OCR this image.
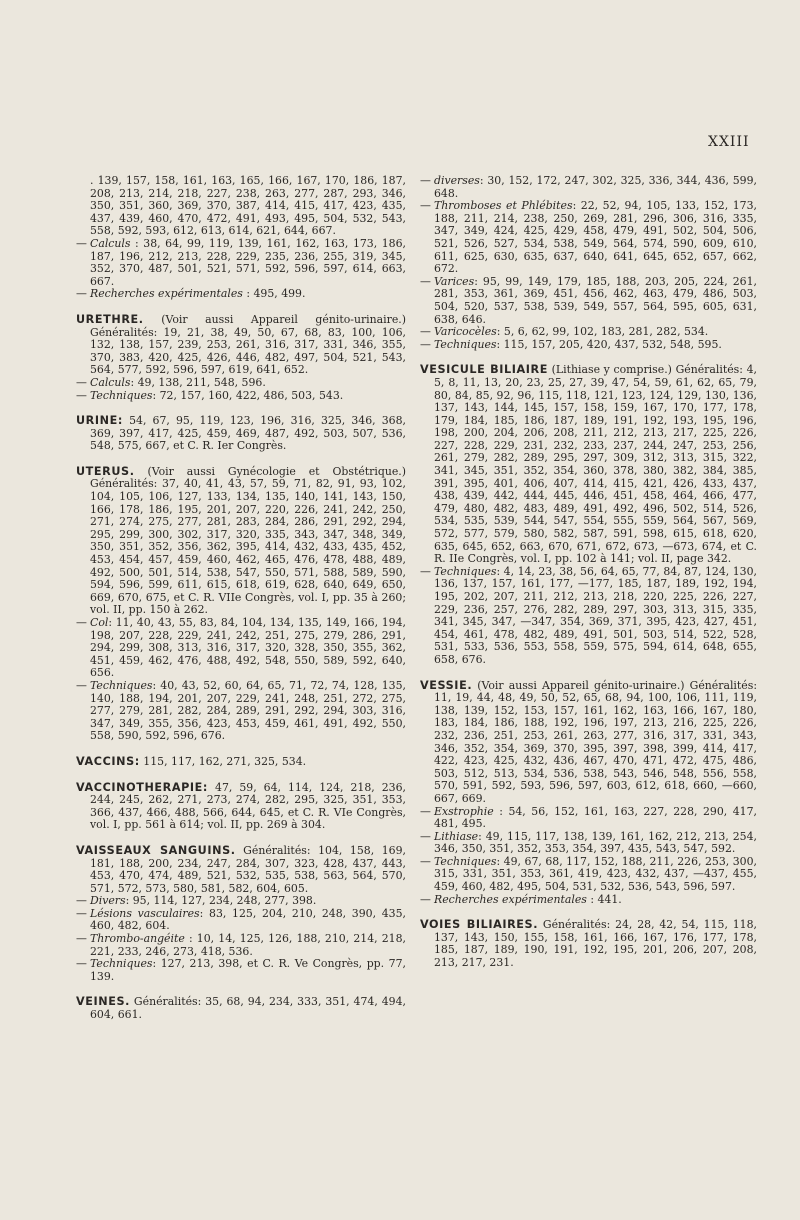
XXIII

. 139, 157, 158, 161, 163, 165, 166, 167, 170, 186, 187, 208, 213, 214, 218, 227, 238, 263, 277, 287, 293, 346, 350, 351, 360, 369, 370, 387, 414, 415, 417, 423, 435, 437, 439, 460, 470, 472, 491, 493, 495, 504, 532, 543, 558, 592, 593, 612, 613, 614, 621, 644, 667.

— Calculs : 38, 64, 99, 119, 139, 161, 162, 163, 173, 186, 187, 196, 212, 213, 228, 229, 235, 236, 255, 319, 345, 352, 370, 487, 501, 521, 571, 592, 596, 597, 614, 663, 667.

— Recherches expérimentales : 495, 499.

URETHRE. (Voir aussi Appareil génito-urinaire.) Généralités: 19, 21, 38, 49, 50, 67, 68, 83, 100, 106, 132, 138, 157, 239, 253, 261, 316, 317, 331, 346, 355, 370, 383, 420, 425, 426, 446, 482, 497, 504, 521, 543, 564, 577, 592, 596, 597, 619, 641, 652.

— Calculs: 49, 138, 211, 548, 596.

— Techniques: 72, 157, 160, 422, 486, 503, 543.

URINE: 54, 67, 95, 119, 123, 196, 316, 325, 346, 368, 369, 397, 417, 425, 459, 469, 487, 492, 503, 507, 536, 548, 575, 667, et C. R. Ier Congrès.

UTERUS. (Voir aussi Gynécologie et Obstétrique.) Généralités: 37, 40, 41, 43, 57, 59, 71, 82, 91, 93, 102, 104, 105, 106, 127, 133, 134, 135, 140, 141, 143, 150, 166, 178, 186, 195, 201, 207, 220, 226, 241, 242, 250, 271, 274, 275, 277, 281, 283, 284, 286, 291, 292, 294, 295, 299, 300, 302, 317, 320, 335, 343, 347, 348, 349, 350, 351, 352, 356, 362, 395, 414, 432, 433, 435, 452, 453, 454, 457, 459, 460, 462, 465, 476, 478, 488, 489, 492, 500, 501, 514, 538, 547, 550, 571, 588, 589, 590, 594, 596, 599, 611, 615, 618, 619, 628, 640, 649, 650, 669, 670, 675, et C. R. VIIe Congrès, vol. I, pp. 35 à 260; vol. II, pp. 150 à 262.

— Col: 11, 40, 43, 55, 83, 84, 104, 134, 135, 149, 166, 194, 198, 207, 228, 229, 241, 242, 251, 275, 279, 286, 291, 294, 299, 308, 313, 316, 317, 320, 328, 350, 355, 362, 451, 459, 462, 476, 488, 492, 548, 550, 589, 592, 640, 656.

— Techniques: 40, 43, 52, 60, 64, 65, 71, 72, 74, 128, 135, 140, 188, 194, 201, 207, 229, 241, 248, 251, 272, 275, 277, 279, 281, 282, 284, 289, 291, 292, 294, 303, 316, 347, 349, 355, 356, 423, 453, 459, 461, 491, 492, 550, 558, 590, 592, 596, 676.

VACCINS: 115, 117, 162, 271, 325, 534.

VACCINOTHERAPIE: 47, 59, 64, 114, 124, 218, 236, 244, 245, 262, 271, 273, 274, 282, 295, 325, 351, 353, 366, 437, 466, 488, 566, 644, 645, et C. R. VIe Congrès, vol. I, pp. 561 à 614; vol. II, pp. 269 à 304.

VAISSEAUX SANGUINS. Généralités: 104, 158, 169, 181, 188, 200, 234, 247, 284, 307, 323, 428, 437, 443, 453, 470, 474, 489, 521, 532, 535, 538, 563, 564, 570, 571, 572, 573, 580, 581, 582, 604, 605.

— Divers: 95, 114, 127, 234, 248, 277, 398.

— Lésions vasculaires: 83, 125, 204, 210, 248, 390, 435, 460, 482, 604.

— Thrombo-angéite : 10, 14, 125, 126, 188, 210, 214, 218, 221, 233, 246, 273, 418, 536.

— Techniques: 127, 213, 398, et C. R. Ve Congrès, pp. 77, 139.

VEINES. Généralités: 35, 68, 94, 234, 333, 351, 474, 494, 604, 661.

— diverses: 30, 152, 172, 247, 302, 325, 336, 344, 436, 599, 648.

— Thromboses et Phlébites: 22, 52, 94, 105, 133, 152, 173, 188, 211, 214, 238, 250, 269, 281, 296, 306, 316, 335, 347, 349, 424, 425, 429, 458, 479, 491, 502, 504, 506, 521, 526, 527, 534, 538, 549, 564, 574, 590, 609, 610, 611, 625, 630, 635, 637, 640, 641, 645, 652, 657, 662, 672.

— Varices: 95, 99, 149, 179, 185, 188, 203, 205, 224, 261, 281, 353, 361, 369, 451, 456, 462, 463, 479, 486, 503, 504, 520, 537, 538, 539, 549, 557, 564, 595, 605, 631, 638, 646.

— Varicocèles: 5, 6, 62, 99, 102, 183, 281, 282, 534.

— Techniques: 115, 157, 205, 420, 437, 532, 548, 595.

VESICULE BILIAIRE (Lithiase y comprise.) Généralités: 4, 5, 8, 11, 13, 20, 23, 25, 27, 39, 47, 54, 59, 61, 62, 65, 79, 80, 84, 85, 92, 96, 115, 118, 121, 123, 124, 129, 130, 136, 137, 143, 144, 145, 157, 158, 159, 167, 170, 177, 178, 179, 184, 185, 186, 187, 189, 191, 192, 193, 195, 196, 198, 200, 204, 206, 208, 211, 212, 213, 217, 225, 226, 227, 228, 229, 231, 232, 233, 237, 244, 247, 253, 256, 261, 279, 282, 289, 295, 297, 309, 312, 313, 315, 322, 341, 345, 351, 352, 354, 360, 378, 380, 382, 384, 385, 391, 395, 401, 406, 407, 414, 415, 421, 426, 433, 437, 438, 439, 442, 444, 445, 446, 451, 458, 464, 466, 477, 479, 480, 482, 483, 489, 491, 492, 496, 502, 514, 526, 534, 535, 539, 544, 547, 554, 555, 559, 564, 567, 569, 572, 577, 579, 580, 582, 587, 591, 598, 615, 618, 620, 635, 645, 652, 663, 670, 671, 672, 673, —673, 674, et C. R. IIe Congrès, vol. I, pp. 102 à 141; vol. II, page 342.

— Techniques: 4, 14, 23, 38, 56, 64, 65, 77, 84, 87, 124, 130, 136, 137, 157, 161, 177, —177, 185, 187, 189, 192, 194, 195, 202, 207, 211, 212, 213, 218, 220, 225, 226, 227, 229, 236, 257, 276, 282, 289, 297, 303, 313, 315, 335, 341, 345, 347, —347, 354, 369, 371, 395, 423, 427, 451, 454, 461, 478, 482, 489, 491, 501, 503, 514, 522, 528, 531, 533, 536, 553, 558, 559, 575, 594, 614, 648, 655, 658, 676.

VESSIE. (Voir aussi Appareil génito-urinaire.) Généralités: 11, 19, 44, 48, 49, 50, 52, 65, 68, 94, 100, 106, 111, 119, 138, 139, 152, 153, 157, 161, 162, 163, 166, 167, 180, 183, 184, 186, 188, 192, 196, 197, 213, 216, 225, 226, 232, 236, 251, 253, 261, 263, 277, 316, 317, 331, 343, 346, 352, 354, 369, 370, 395, 397, 398, 399, 414, 417, 422, 423, 425, 432, 436, 467, 470, 471, 472, 475, 486, 503, 512, 513, 534, 536, 538, 543, 546, 548, 556, 558, 570, 591, 592, 593, 596, 597, 603, 612, 618, 660, —660, 667, 669.

— Exstrophie : 54, 56, 152, 161, 163, 227, 228, 290, 417, 481, 495.

— Lithiase: 49, 115, 117, 138, 139, 161, 162, 212, 213, 254, 346, 350, 351, 352, 353, 354, 397, 435, 543, 547, 592.

— Techniques: 49, 67, 68, 117, 152, 188, 211, 226, 253, 300, 315, 331, 351, 353, 361, 419, 423, 432, 437, —437, 455, 459, 460, 482, 495, 504, 531, 532, 536, 543, 596, 597.

— Recherches expérimentales : 441.

VOIES BILIAIRES. Généralités: 24, 28, 42, 54, 115, 118, 137, 143, 150, 155, 158, 161, 166, 167, 176, 177, 178, 185, 187, 189, 190, 191, 192, 195, 201, 206, 207, 208, 213, 217, 231.
